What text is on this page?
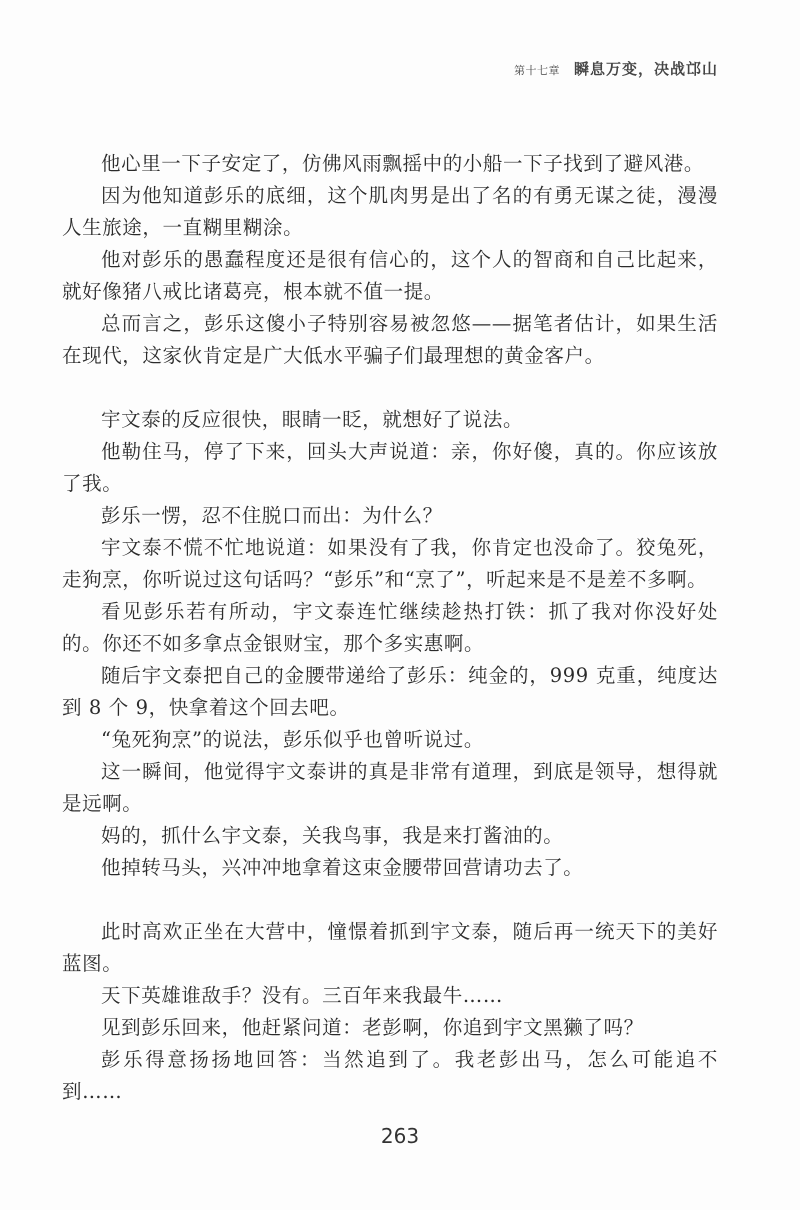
第十七章 瞬息万变，决战邙山

他心里一下子安定了，仿佛风雨飘摇中的小船一下子找到了避风港。

因为他知道彭乐的底细，这个肌肉男是出了名的有勇无谋之徒，漫漫人生旅途，一直糊里糊涂。

他对彭乐的愚蠢程度还是很有信心的，这个人的智商和自己比起来，就好像猪八戒比诸葛亮，根本就不值一提。

总而言之，彭乐这傻小子特别容易被忽悠——据笔者估计，如果生活在现代，这家伙肯定是广大低水平骗子们最理想的黄金客户。

宇文泰的反应很快，眼睛一眨，就想好了说法。

他勒住马，停了下来，回头大声说道：亲，你好傻，真的。你应该放了我。

彭乐一愣，忍不住脱口而出：为什么？

宇文泰不慌不忙地说道：如果没有了我，你肯定也没命了。狡兔死，走狗烹，你听说过这句话吗？“彭乐”和“烹了”，听起来是不是差不多啊。

看见彭乐若有所动，宇文泰连忙继续趁热打铁：抓了我对你没好处的。你还不如多拿点金银财宝，那个多实惠啊。

随后宇文泰把自己的金腰带递给了彭乐：纯金的，999 克重，纯度达到 8 个 9，快拿着这个回去吧。

“兔死狗烹”的说法，彭乐似乎也曾听说过。

这一瞬间，他觉得宇文泰讲的真是非常有道理，到底是领导，想得就是远啊。

妈的，抓什么宇文泰，关我鸟事，我是来打酱油的。

他掉转马头，兴冲冲地拿着这束金腰带回营请功去了。

此时高欢正坐在大营中，憧憬着抓到宇文泰，随后再一统天下的美好蓝图。

天下英雄谁敌手？没有。三百年来我最牛……

见到彭乐回来，他赶紧问道：老彭啊，你追到宇文黑獭了吗？

彭乐得意扬扬地回答：当然追到了。我老彭出马，怎么可能追不到……

263
